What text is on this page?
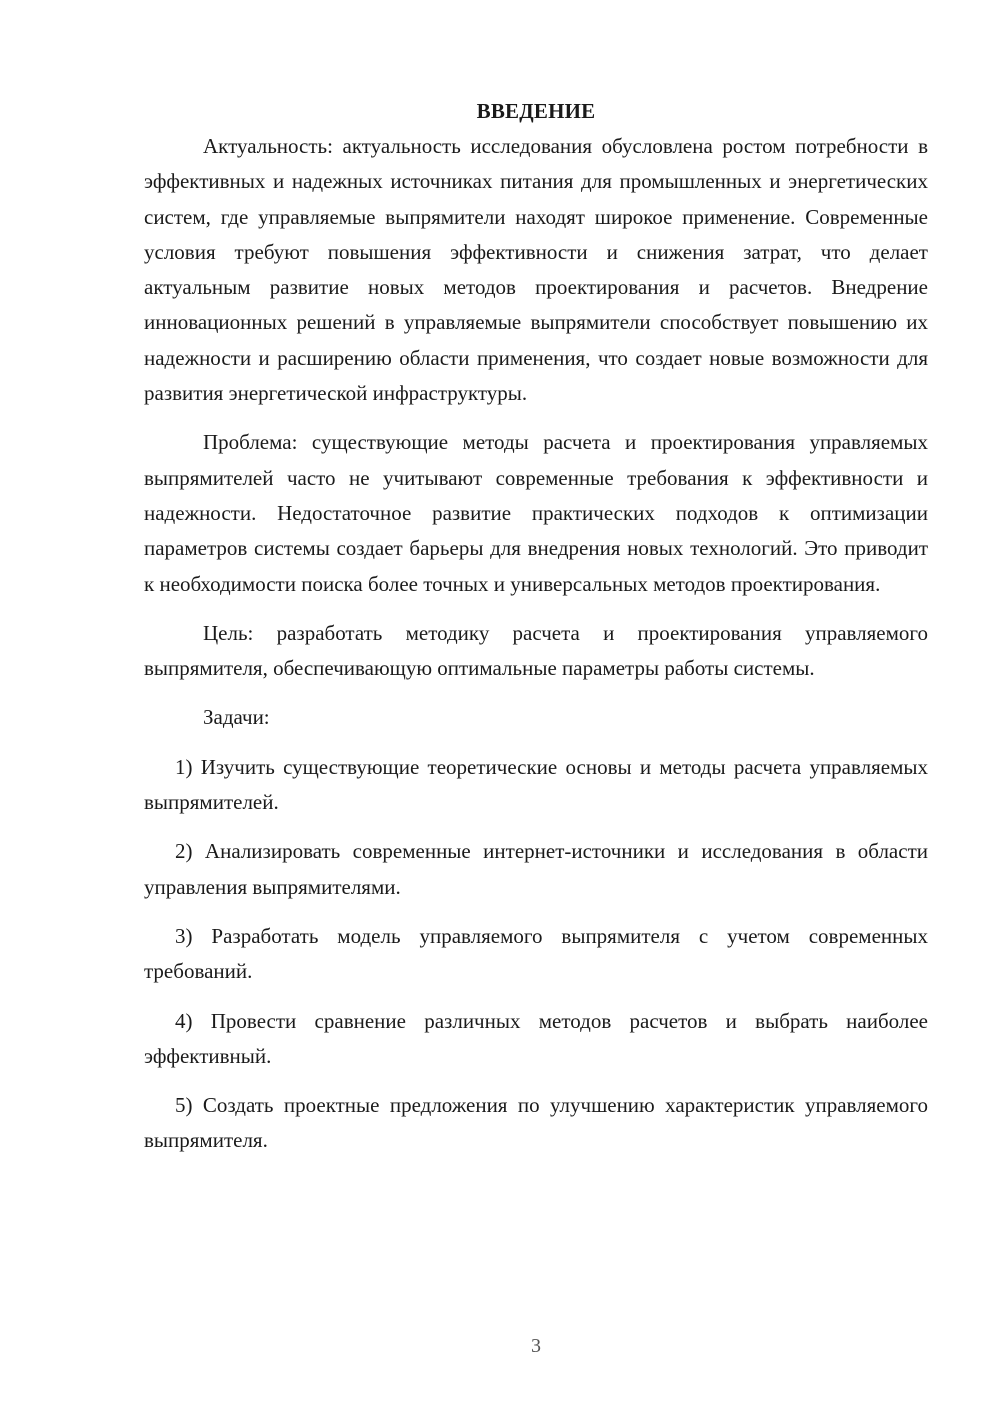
ВВЕДЕНИЕ

Актуальность: актуальность исследования обусловлена ростом потребности в эффективных и надежных источниках питания для промышленных и энергетических систем, где управляемые выпрямители находят широкое применение. Современные условия требуют повышения эффективности и снижения затрат, что делает актуальным развитие новых методов проектирования и расчетов. Внедрение инновационных решений в управляемые выпрямители способствует повышению их надежности и расширению области применения, что создает новые возможности для развития энергетической инфраструктуры.

Проблема: существующие методы расчета и проектирования управляемых выпрямителей часто не учитывают современные требования к эффективности и надежности. Недостаточное развитие практических подходов к оптимизации параметров системы создает барьеры для внедрения новых технологий. Это приводит к необходимости поиска более точных и универсальных методов проектирования.

Цель: разработать методику расчета и проектирования управляемого выпрямителя, обеспечивающую оптимальные параметры работы системы.

Задачи:

1) Изучить существующие теоретические основы и методы расчета управляемых выпрямителей.

2) Анализировать современные интернет-источники и исследования в области управления выпрямителями.

3) Разработать модель управляемого выпрямителя с учетом современных требований.

4) Провести сравнение различных методов расчетов и выбрать наиболее эффективный.

5) Создать проектные предложения по улучшению характеристик управляемого выпрямителя.

3
